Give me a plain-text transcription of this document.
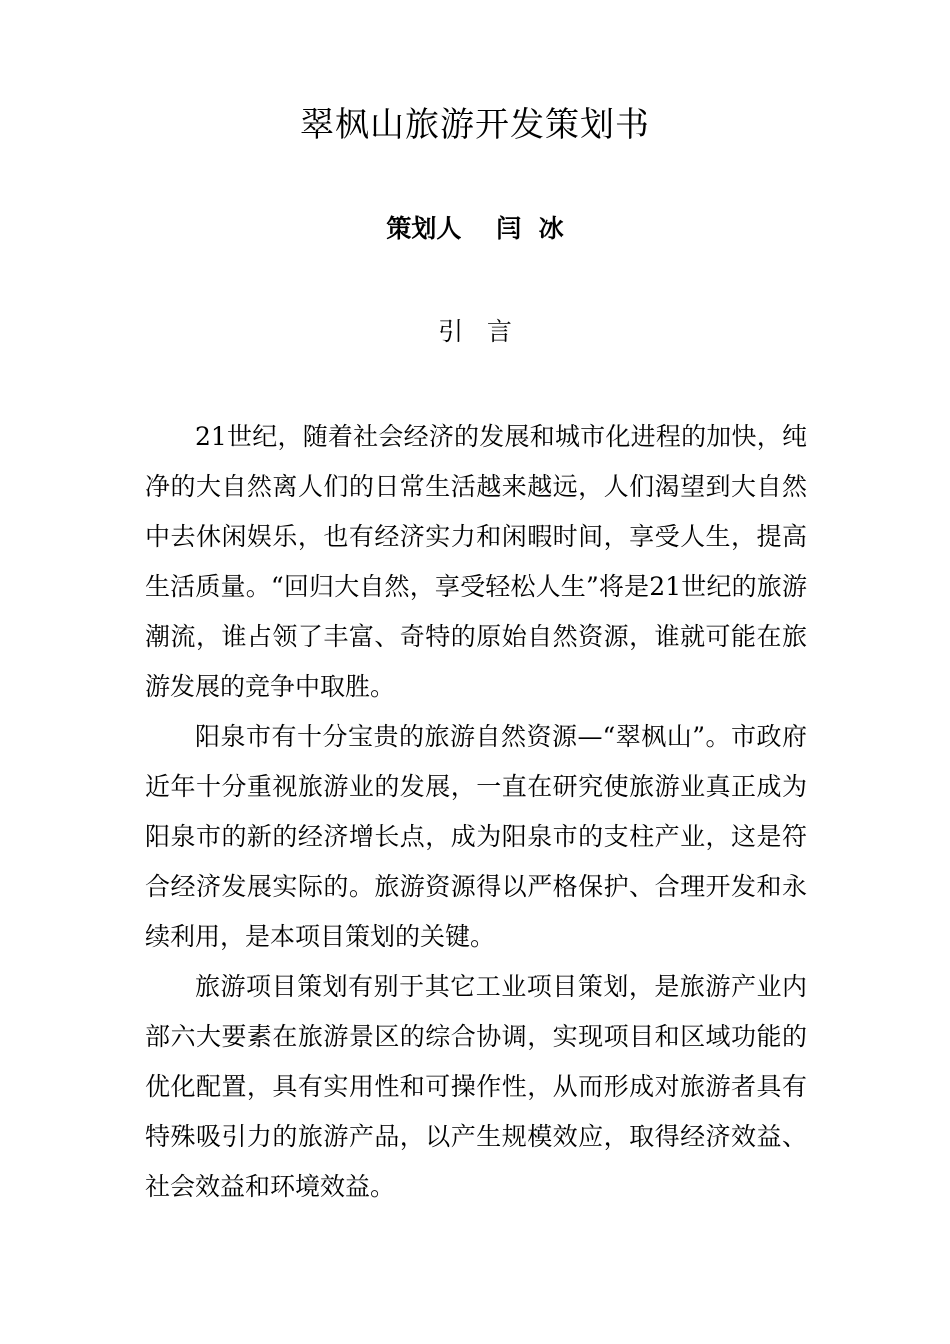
翠枫山旅游开发策划书
策划人    闫  冰
引   言

21世纪，随着社会经济的发展和城市化进程的加快，纯净的大自然离人们的日常生活越来越远，人们渴望到大自然中去休闲娱乐，也有经济实力和闲暇时间，享受人生，提高生活质量。“回归大自然，享受轻松人生”将是21世纪的旅游潮流，谁占领了丰富、奇特的原始自然资源，谁就可能在旅游发展的竞争中取胜。

阳泉市有十分宝贵的旅游自然资源—“翠枫山”。市政府近年十分重视旅游业的发展，一直在研究使旅游业真正成为阳泉市的新的经济增长点，成为阳泉市的支柱产业，这是符合经济发展实际的。旅游资源得以严格保护、合理开发和永续利用，是本项目策划的关键。

旅游项目策划有别于其它工业项目策划，是旅游产业内部六大要素在旅游景区的综合协调，实现项目和区域功能的优化配置，具有实用性和可操作性，从而形成对旅游者具有特殊吸引力的旅游产品，以产生规模效应，取得经济效益、社会效益和环境效益。
